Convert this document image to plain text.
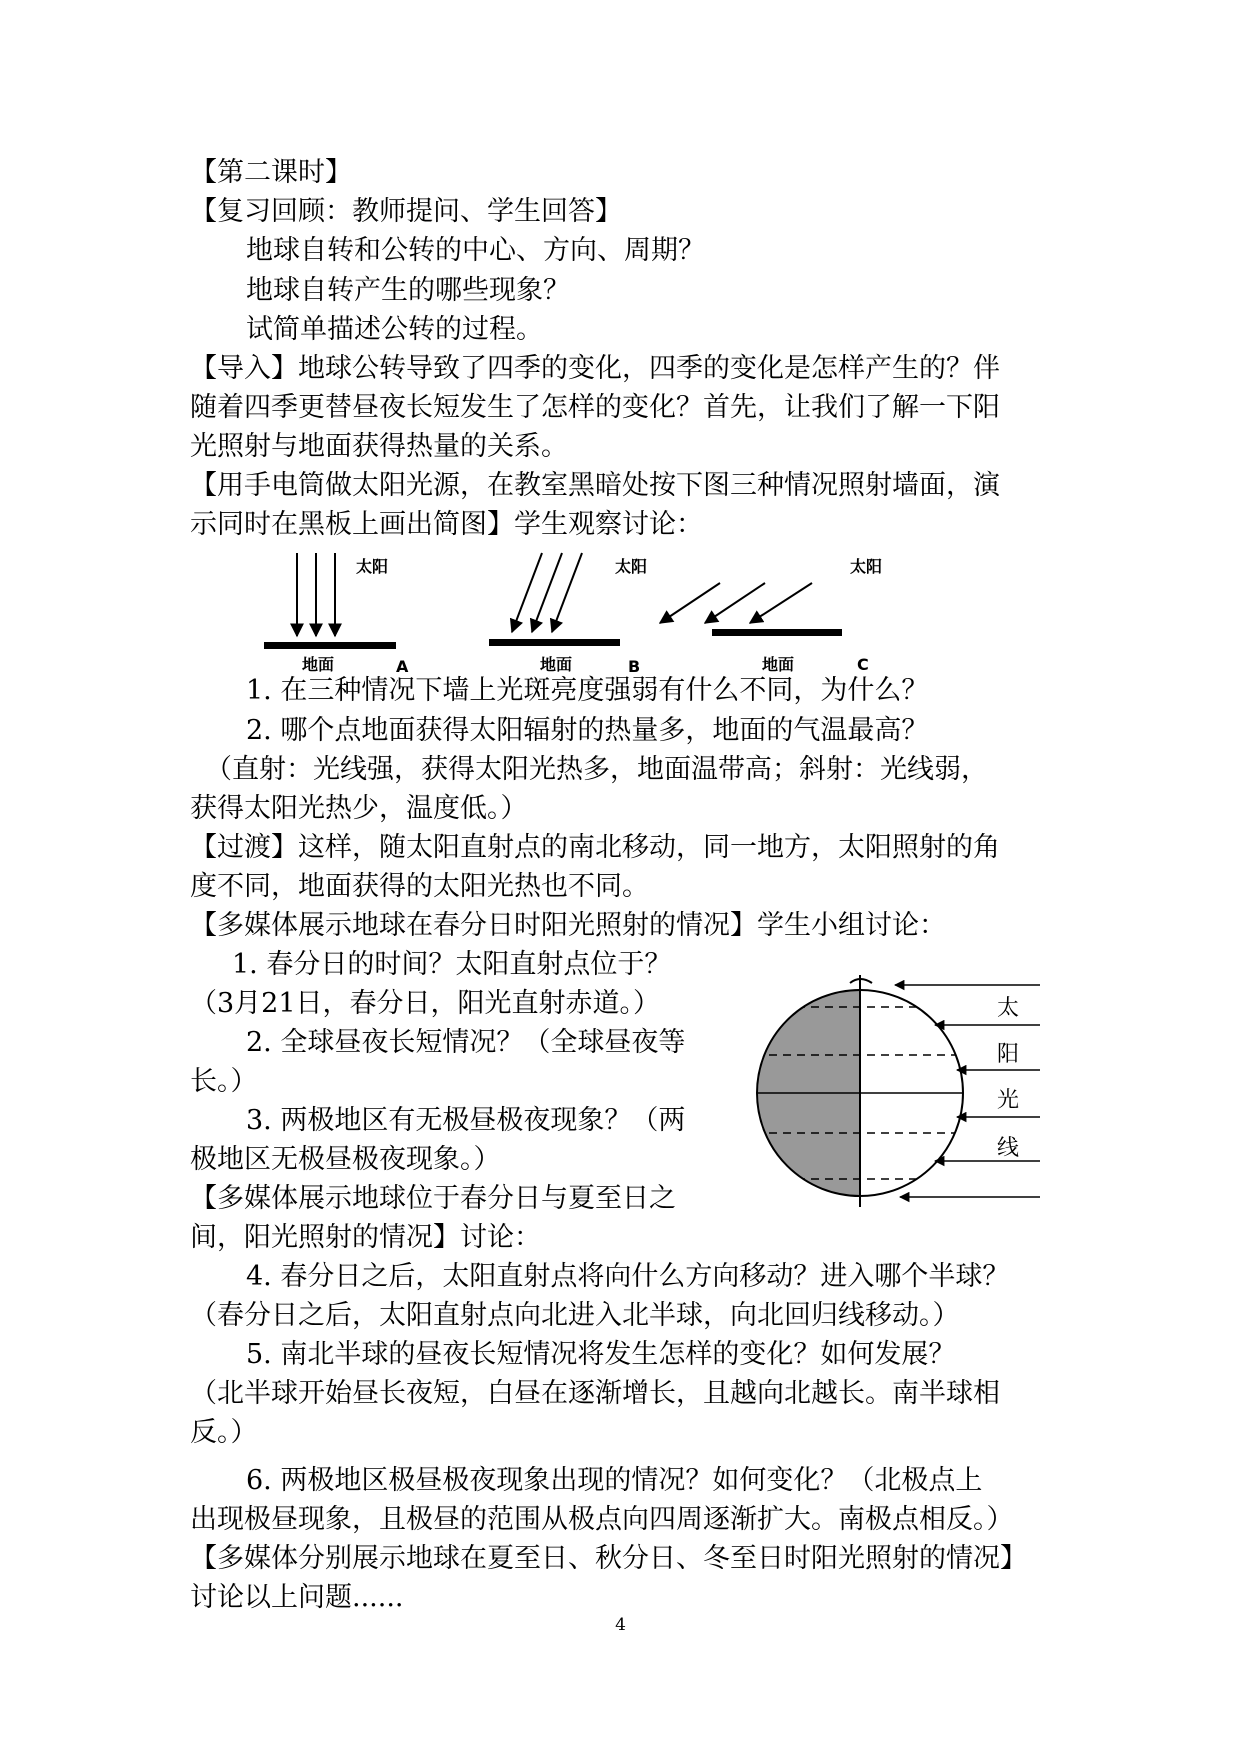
【第二课时】
【复习回顾：教师提问、学生回答】
地球自转和公转的中心、方向、周期？
地球自转产生的哪些现象？
试简单描述公转的过程。
【导入】地球公转导致了四季的变化，四季的变化是怎样产生的？伴
随着四季更替昼夜长短发生了怎样的变化？首先，让我们了解一下阳
光照射与地面获得热量的关系。
【用手电筒做太阳光源，在教室黑暗处按下图三种情况照射墙面，演
示同时在黑板上画出简图】学生观察讨论：
太阳
地面	A
太阳
地面	B
太阳
地面	C
1. 在三种情况下墙上光斑亮度强弱有什么不同，为什么？
2. 哪个点地面获得太阳辐射的热量多，地面的气温最高？
（直射：光线强，获得太阳光热多，地面温带高；斜射：光线弱，
获得太阳光热少，温度低。）
【过渡】这样，随太阳直射点的南北移动，同一地方，太阳照射的角
度不同，地面获得的太阳光热也不同。
【多媒体展示地球在春分日时阳光照射的情况】学生小组讨论：
1. 春分日的时间？太阳直射点位于？
（3月21日，春分日，阳光直射赤道。）
2. 全球昼夜长短情况？（全球昼夜等
长。）
3. 两极地区有无极昼极夜现象？（两
极地区无极昼极夜现象。）
【多媒体展示地球位于春分日与夏至日之
间，阳光照射的情况】讨论：
太
阳
光
线
4. 春分日之后，太阳直射点将向什么方向移动？进入哪个半球？
（春分日之后，太阳直射点向北进入北半球，向北回归线移动。）
5. 南北半球的昼夜长短情况将发生怎样的变化？如何发展？
（北半球开始昼长夜短，白昼在逐渐增长，且越向北越长。南半球相
反。）
6. 两极地区极昼极夜现象出现的情况？如何变化？（北极点上
出现极昼现象，且极昼的范围从极点向四周逐渐扩大。南极点相反。）
【多媒体分别展示地球在夏至日、秋分日、冬至日时阳光照射的情况】
讨论以上问题......
4
